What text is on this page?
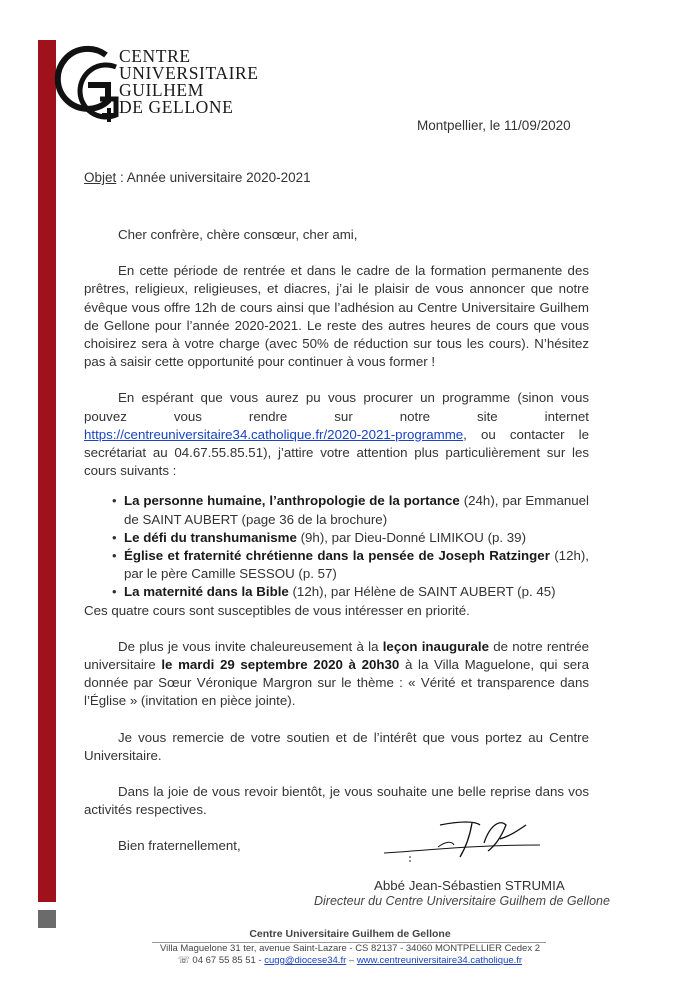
CENTRE
UNIVERSITAIRE
GUILHEM
DE GELLONE
Montpellier, le 11/09/2020
Objet : Année universitaire 2020-2021

Cher confrère, chère consœur, cher ami,

En cette période de rentrée et dans le cadre de la formation permanente des prêtres, religieux, religieuses, et diacres, j’ai le plaisir de vous annoncer que notre évêque vous offre 12h de cours ainsi que l’adhésion au Centre Universitaire Guilhem de Gellone pour l’année 2020-2021. Le reste des autres heures de cours que vous choisirez sera à votre charge (avec 50% de réduction sur tous les cours). N’hésitez pas à saisir cette opportunité pour continuer à vous former !

En espérant que vous aurez pu vous procurer un programme (sinon vous pouvez vous rendre sur notre site internet https://centreuniversitaire34.catholique.fr/2020-2021-programme, ou contacter le secrétariat au 04.67.55.85.51), j’attire votre attention plus particulièrement sur les cours suivants :

• La personne humaine, l’anthropologie de la portance (24h), par Emmanuel de SAINT AUBERT (page 36 de la brochure)
• Le défi du transhumanisme (9h), par Dieu-Donné LIMIKOU (p. 39)
• Église et fraternité chrétienne dans la pensée de Joseph Ratzinger (12h), par le père Camille SESSOU (p. 57)
• La maternité dans la Bible (12h), par Hélène de SAINT AUBERT (p. 45)

Ces quatre cours sont susceptibles de vous intéresser en priorité.

De plus je vous invite chaleureusement à la leçon inaugurale de notre rentrée universitaire le mardi 29 septembre 2020 à 20h30 à la Villa Maguelone, qui sera donnée par Sœur Véronique Margron sur le thème : « Vérité et transparence dans l’Église » (invitation en pièce jointe).

Je vous remercie de votre soutien et de l’intérêt que vous portez au Centre Universitaire.

Dans la joie de vous revoir bientôt, je vous souhaite une belle reprise dans vos activités respectives.

Bien fraternellement,

Abbé Jean-Sébastien STRUMIA
Directeur du Centre Universitaire Guilhem de Gellone
Centre Universitaire Guilhem de Gellone
Villa Maguelone 31 ter, avenue Saint-Lazare - CS 82137 - 34060 MONTPELLIER Cedex 2
☏ 04 67 55 85 51 - cugg@diocese34.fr – www.centreuniversitaire34.catholique.fr
